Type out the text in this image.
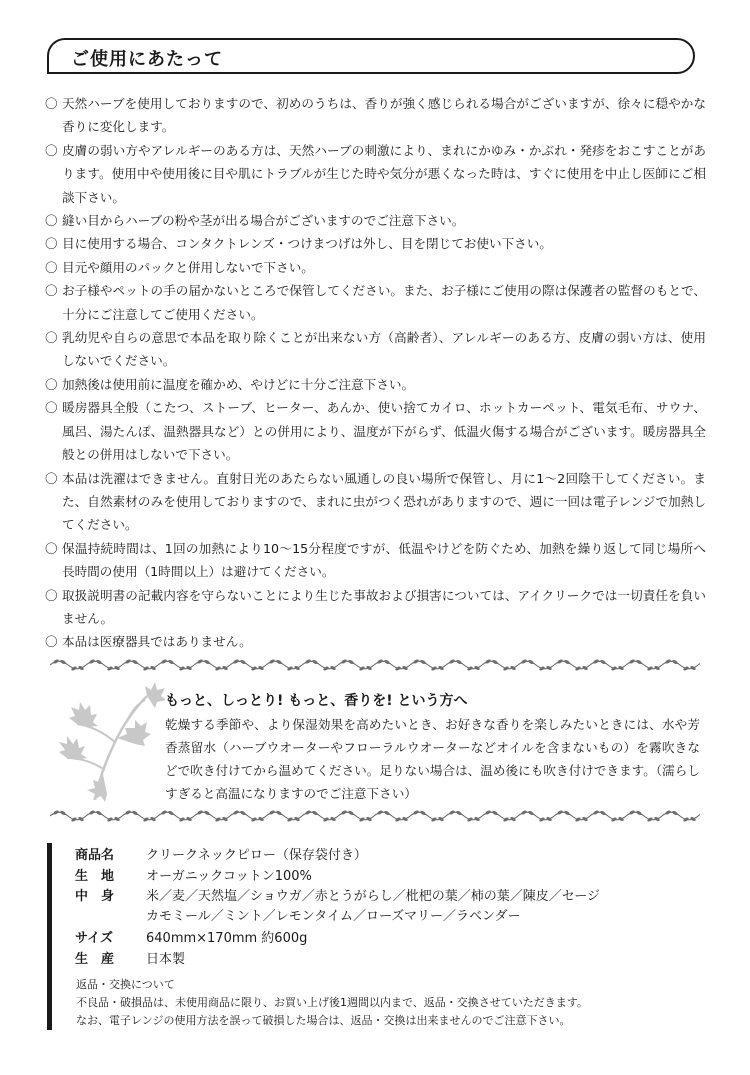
ご使用にあたって
〇 天然ハーブを使用しておりますので、初めのうちは、香りが強く感じられる場合がございますが、徐々に穏やかな香りに変化します。
〇 皮膚の弱い方やアレルギーのある方は、天然ハーブの刺激により、まれにかゆみ・かぶれ・発疹をおこすことがあります。使用中や使用後に目や肌にトラブルが生じた時や気分が悪くなった時は、すぐに使用を中止し医師にご相談下さい。
〇 縫い目からハーブの粉や茎が出る場合がございますのでご注意下さい。
〇 目に使用する場合、コンタクトレンズ・つけまつげは外し、目を閉じてお使い下さい。
〇 目元や顔用のパックと併用しないで下さい。
〇 お子様やペットの手の届かないところで保管してください。また、お子様にご使用の際は保護者の監督のもとで、十分にご注意してご使用ください。
〇 乳幼児や自らの意思で本品を取り除くことが出来ない方（高齢者）、アレルギーのある方、皮膚の弱い方は、使用しないでください。
〇 加熱後は使用前に温度を確かめ、やけどに十分ご注意下さい。
〇 暖房器具全般（こたつ、ストーブ、ヒーター、あんか、使い捨てカイロ、ホットカーペット、電気毛布、サウナ、風呂、湯たんぽ、温熱器具など）との併用により、温度が下がらず、低温火傷する場合がございます。暖房器具全般との併用はしないで下さい。
〇 本品は洗濯はできません。直射日光のあたらない風通しの良い場所で保管し、月に1〜2回陰干してください。また、自然素材のみを使用しておりますので、まれに虫がつく恐れがありますので、週に一回は電子レンジで加熱してください。
〇 保温持続時間は、1回の加熱により10〜15分程度ですが、低温やけどを防ぐため、加熱を繰り返して同じ場所へ長時間の使用（1時間以上）は避けてください。
〇 取扱説明書の記載内容を守らないことにより生じた事故および損害については、アイクリークでは一切責任を負いません。
〇 本品は医療器具ではありません。
もっと、しっとり! もっと、香りを! という方へ
乾燥する季節や、より保湿効果を高めたいとき、お好きな香りを楽しみたいときには、水や芳香蒸留水（ハーブウオーターやフローラルウオーターなどオイルを含まないもの）を霧吹きなどで吹き付けてから温めてください。足りない場合は、温め後にも吹き付けできます。（濡らしすぎると高温になりますのでご注意下さい）
商品名	クリークネックピロー（保存袋付き）
生　地	オーガニックコットン100%
中　身	米／麦／天然塩／ショウガ／赤とうがらし／枇杷の葉／柿の葉／陳皮／セージ
カモミール／ミント／レモンタイム／ローズマリー／ラベンダー
サイズ	640mm×170mm 約600g
生　産	日本製
返品・交換について
不良品・破損品は、未使用商品に限り、お買い上げ後1週間以内まで、返品・交換させていただきます。
なお、電子レンジの使用方法を誤って破損した場合は、返品・交換は出来ませんのでご注意下さい。
